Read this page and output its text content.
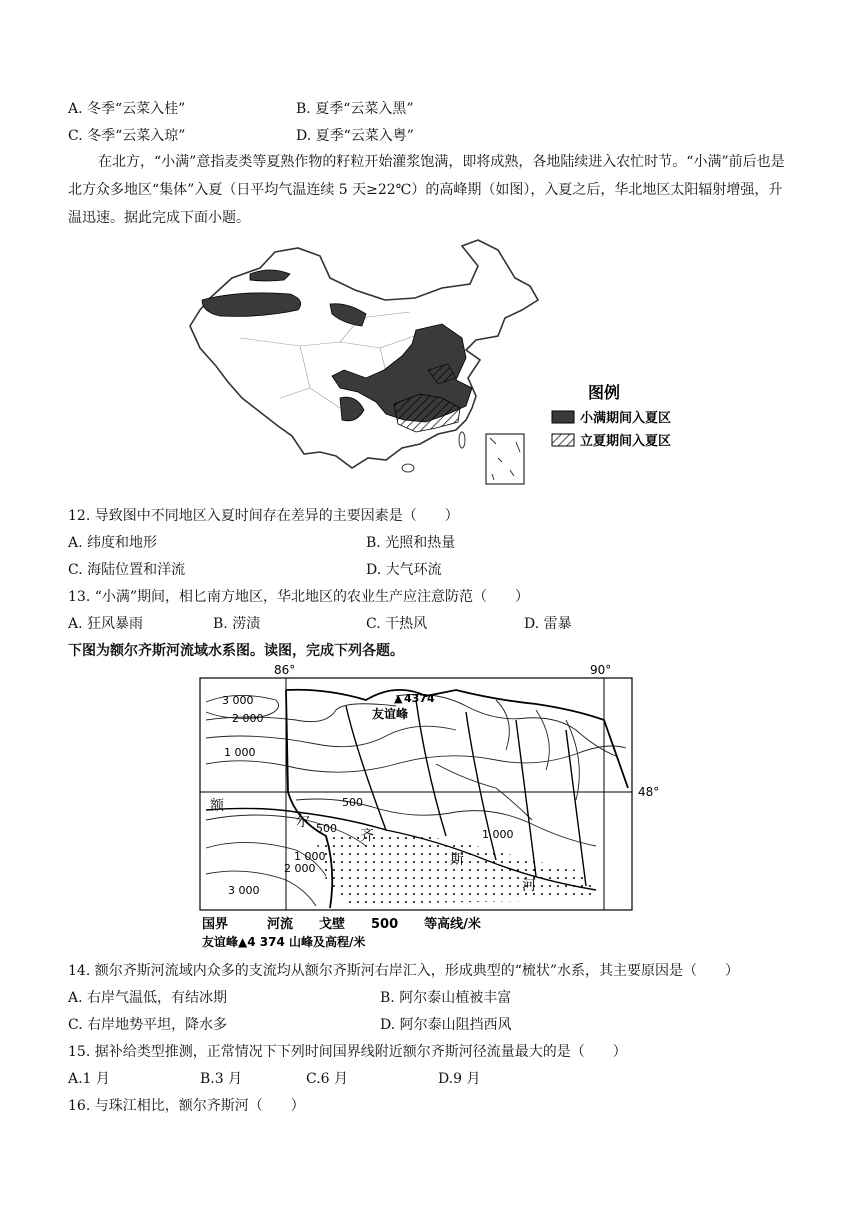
A. 冬季“云菜入桂”	B. 夏季“云菜入黑”
C. 冬季“云菜入琼”	D. 夏季“云菜入粤”
在北方，“小满”意指麦类等夏熟作物的籽粒开始灌浆饱满，即将成熟，各地陆续进入农忙时节。“小满”前后也是北方众多地区“集体”入夏（日平均气温连续 5 天≥22℃）的高峰期（如图），入夏之后，华北地区太阳辐射增强，升温迅速。据此完成下面小题。
图例
小满期间入夏区
立夏期间入夏区
12. 导致图中不同地区入夏时间存在差异的主要因素是（　　）
A. 纬度和地形	B. 光照和热量
C. 海陆位置和洋流	D. 大气环流
13. “小满”期间，相匕南方地区，华北地区的农业生产应注意防范（　　）
A. 狂风暴雨	B. 涝渍	C. 干热风	D. 雷暴
下图为额尔齐斯河流域水系图。读图，完成下列各题。
86°	90°
48°
▲ 4374
友谊峰
3 000
2 000
1 000
500
500
1 000
2 000
3 000
1 000
额
尔
齐
斯
河
国界　　　河流　　戈壁　　500　　等高线/米
友谊峰▲4 374 山峰及高程/米
14. 额尔齐斯河流域内众多的支流均从额尔齐斯河右岸汇入，形成典型的“梳状”水系，其主要原因是（　　）
A. 右岸气温低，有结冰期	B. 阿尔泰山植被丰富
C. 右岸地势平坦，降水多	D. 阿尔泰山阻挡西风
15. 据补给类型推测，正常情况下下列时间国界线附近额尔齐斯河径流量最大的是（　　）
A.1 月	B.3 月	C.6 月	D.9 月
16. 与珠江相比，额尔齐斯河（　　）
